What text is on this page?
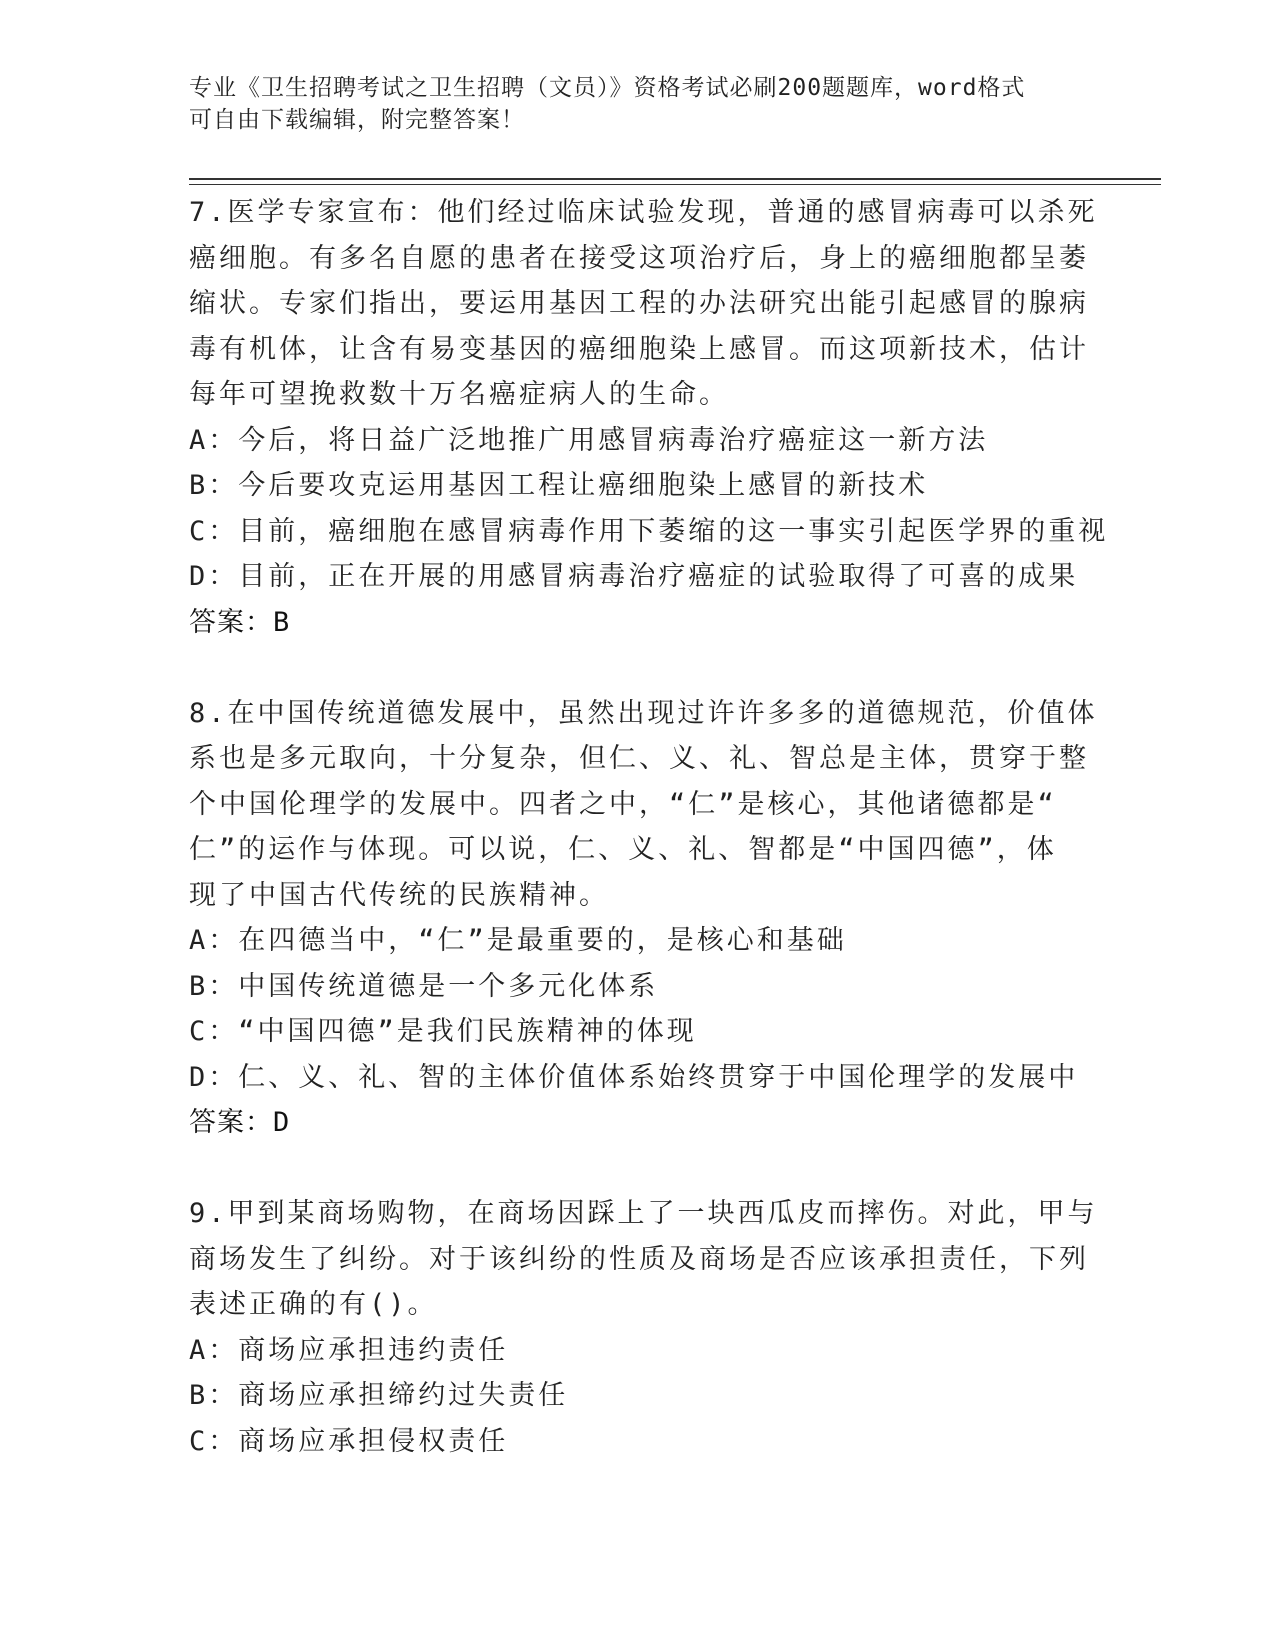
专业《卫生招聘考试之卫生招聘（文员）》资格考试必刷200题题库，word格式
可自由下载编辑，附完整答案！
7.医学专家宣布：他们经过临床试验发现，普通的感冒病毒可以杀死
癌细胞。有多名自愿的患者在接受这项治疗后，身上的癌细胞都呈萎
缩状。专家们指出，要运用基因工程的办法研究出能引起感冒的腺病
毒有机体，让含有易变基因的癌细胞染上感冒。而这项新技术，估计
每年可望挽救数十万名癌症病人的生命。
A：今后，将日益广泛地推广用感冒病毒治疗癌症这一新方法
B：今后要攻克运用基因工程让癌细胞染上感冒的新技术
C：目前，癌细胞在感冒病毒作用下萎缩的这一事实引起医学界的重视
D：目前，正在开展的用感冒病毒治疗癌症的试验取得了可喜的成果
答案：B
8.在中国传统道德发展中，虽然出现过许许多多的道德规范，价值体
系也是多元取向，十分复杂，但仁、义、礼、智总是主体，贯穿于整
个中国伦理学的发展中。四者之中，“仁”是核心，其他诸德都是“
仁”的运作与体现。可以说，仁、义、礼、智都是“中国四德”，体
现了中国古代传统的民族精神。
A：在四德当中，“仁”是最重要的，是核心和基础
B：中国传统道德是一个多元化体系
C：“中国四德”是我们民族精神的体现
D：仁、义、礼、智的主体价值体系始终贯穿于中国伦理学的发展中
答案：D
9.甲到某商场购物，在商场因踩上了一块西瓜皮而摔伤。对此，甲与
商场发生了纠纷。对于该纠纷的性质及商场是否应该承担责任，下列
表述正确的有()。
A：商场应承担违约责任
B：商场应承担缔约过失责任
C：商场应承担侵权责任
